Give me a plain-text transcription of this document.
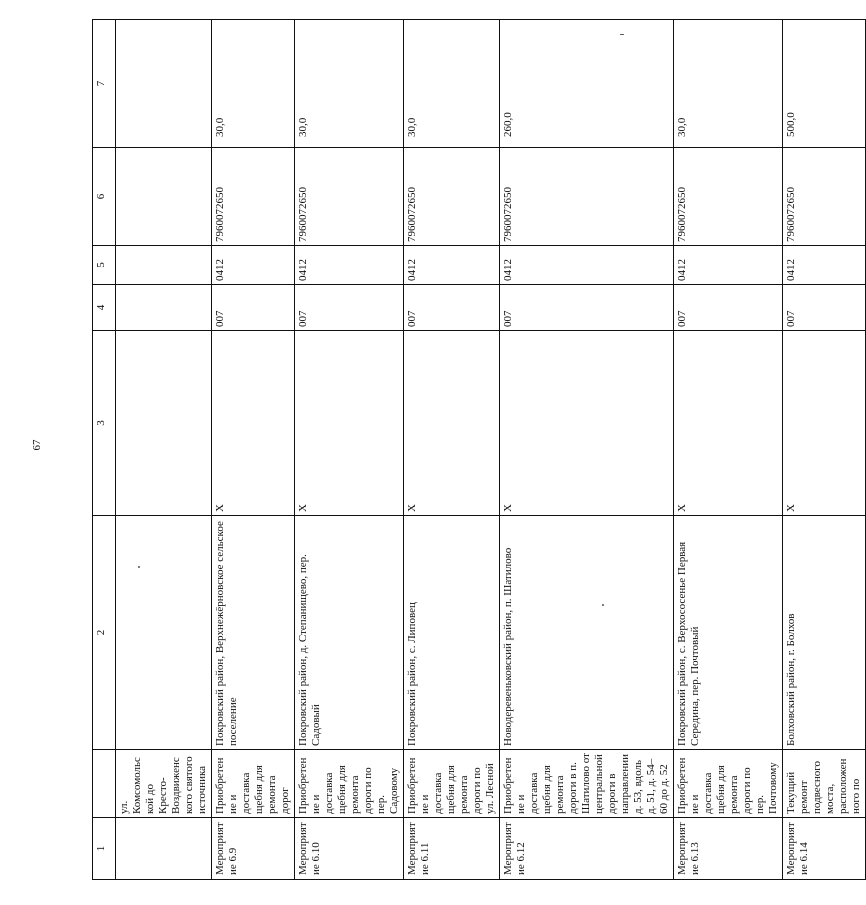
67
1		2	3	4	5	6	7
	ул. Комсомольской до Кресто-Воздвиженского святого источника						
Мероприятие 6.9	Приобретение и доставка щебня для ремонта дорог	Покровский район, Верхнежёрновское сельское поселение	X	007	0412	7960072650	30,0
Мероприятие 6.10	Приобретение и доставка щебня для ремонта дороги по пер. Садовому	Покровский район, д. Степанищево, пер. Садовый	X	007	0412	7960072650	30,0
Мероприятие 6.11	Приобретение и доставка щебня для ремонта дороги по ул. Лесной	Покровский район, с. Липовец	X	007	0412	7960072650	30,0
Мероприятие 6.12	Приобретение и доставка щебня для ремонта дороги в п. Шатилово от центральной дороги в направлении д. 53, вдоль д. 51, д. 54–60 до д. 52	Новодеревеньковский район, п. Шатилово	X	007	0412	7960072650	260,0
Мероприятие 6.13	Приобретение и доставка щебня для ремонта дороги по пер. Почтовому	Покровский район, с. Верхососенье Первая Середина, пер. Почтовый	X	007	0412	7960072650	30,0
Мероприятие 6.14	Текущий ремонт подвесного моста, расположенного по	Болховский район, г. Болхов	X	007	0412	7960072650	500,0
